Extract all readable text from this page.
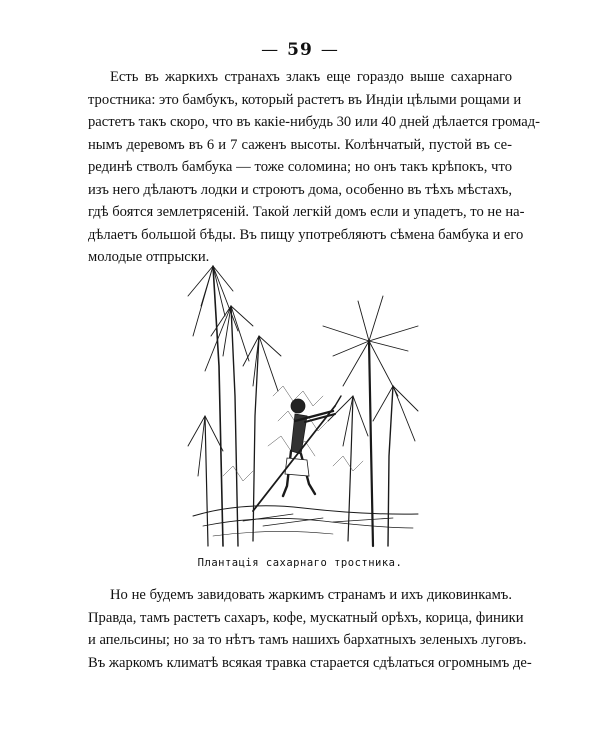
— 59 —

Есть въ жаркихъ странахъ злакъ еще гораздо выше сахарнаго
тростника: это бамбукъ, который растетъ въ Индіи цѣлыми рощами и
растетъ такъ скоро, что въ какіе-нибудь 30 или 40 дней дѣлается громад-
нымъ деревомъ въ 6 и 7 саженъ высоты. Колѣнчатый, пустой въ се-
рединѣ стволъ бамбука — тоже соломина; но онъ такъ крѣпокъ, что
изъ него дѣлаютъ лодки и строютъ дома, особенно въ тѣхъ мѣстахъ,
гдѣ боятся землетрясеній. Такой легкій домъ если и упадетъ, то не на-
дѣлаетъ большой бѣды. Въ пищу употребляютъ сѣмена бамбука и его
молодые отпрыски.

Плантація сахарнаго тростника.

Но не будемъ завидовать жаркимъ странамъ и ихъ диковинкамъ.
Правда, тамъ растетъ сахаръ, кофе, мускатный орѣхъ, корица, финики
и апельсины; но за то нѣтъ тамъ нашихъ бархатныхъ зеленыхъ луговъ.
Въ жаркомъ климатѣ всякая травка старается сдѣлаться огромнымъ де-
